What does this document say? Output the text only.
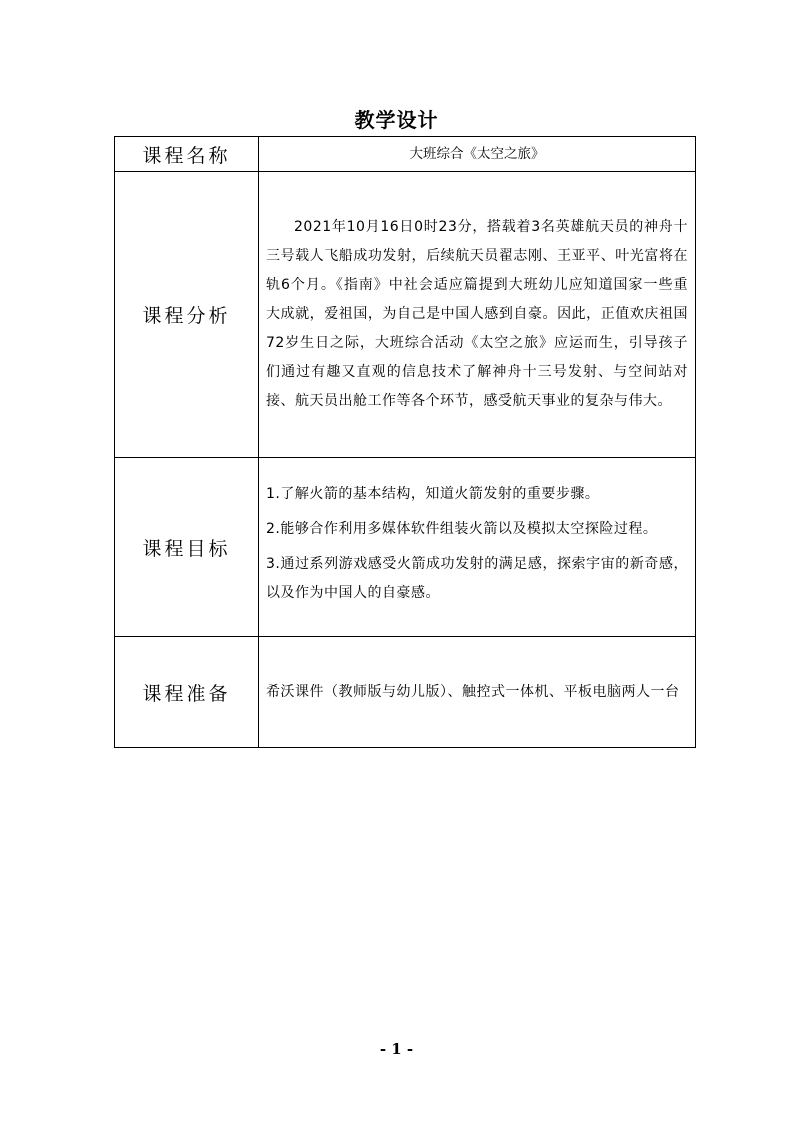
教学设计
课程名称	大班综合《太空之旅》
课程分析	2021年10月16日0时23分，搭载着3名英雄航天员的神舟十三号载人飞船成功发射，后续航天员翟志刚、王亚平、叶光富将在轨6个月。《指南》中社会适应篇提到大班幼儿应知道国家一些重大成就，爱祖国，为自己是中国人感到自豪。因此，正值欢庆祖国72岁生日之际，大班综合活动《太空之旅》应运而生，引导孩子们通过有趣又直观的信息技术了解神舟十三号发射、与空间站对接、航天员出舱工作等各个环节，感受航天事业的复杂与伟大。

课程目标	1.了解火箭的基本结构，知道火箭发射的重要步骤。

2.能够合作利用多媒体软件组装火箭以及模拟太空探险过程。

3.通过系列游戏感受火箭成功发射的满足感，探索宇宙的新奇感，以及作为中国人的自豪感。

课程准备	希沃课件（教师版与幼儿版）、触控式一体机、平板电脑两人一台
- 1 -
